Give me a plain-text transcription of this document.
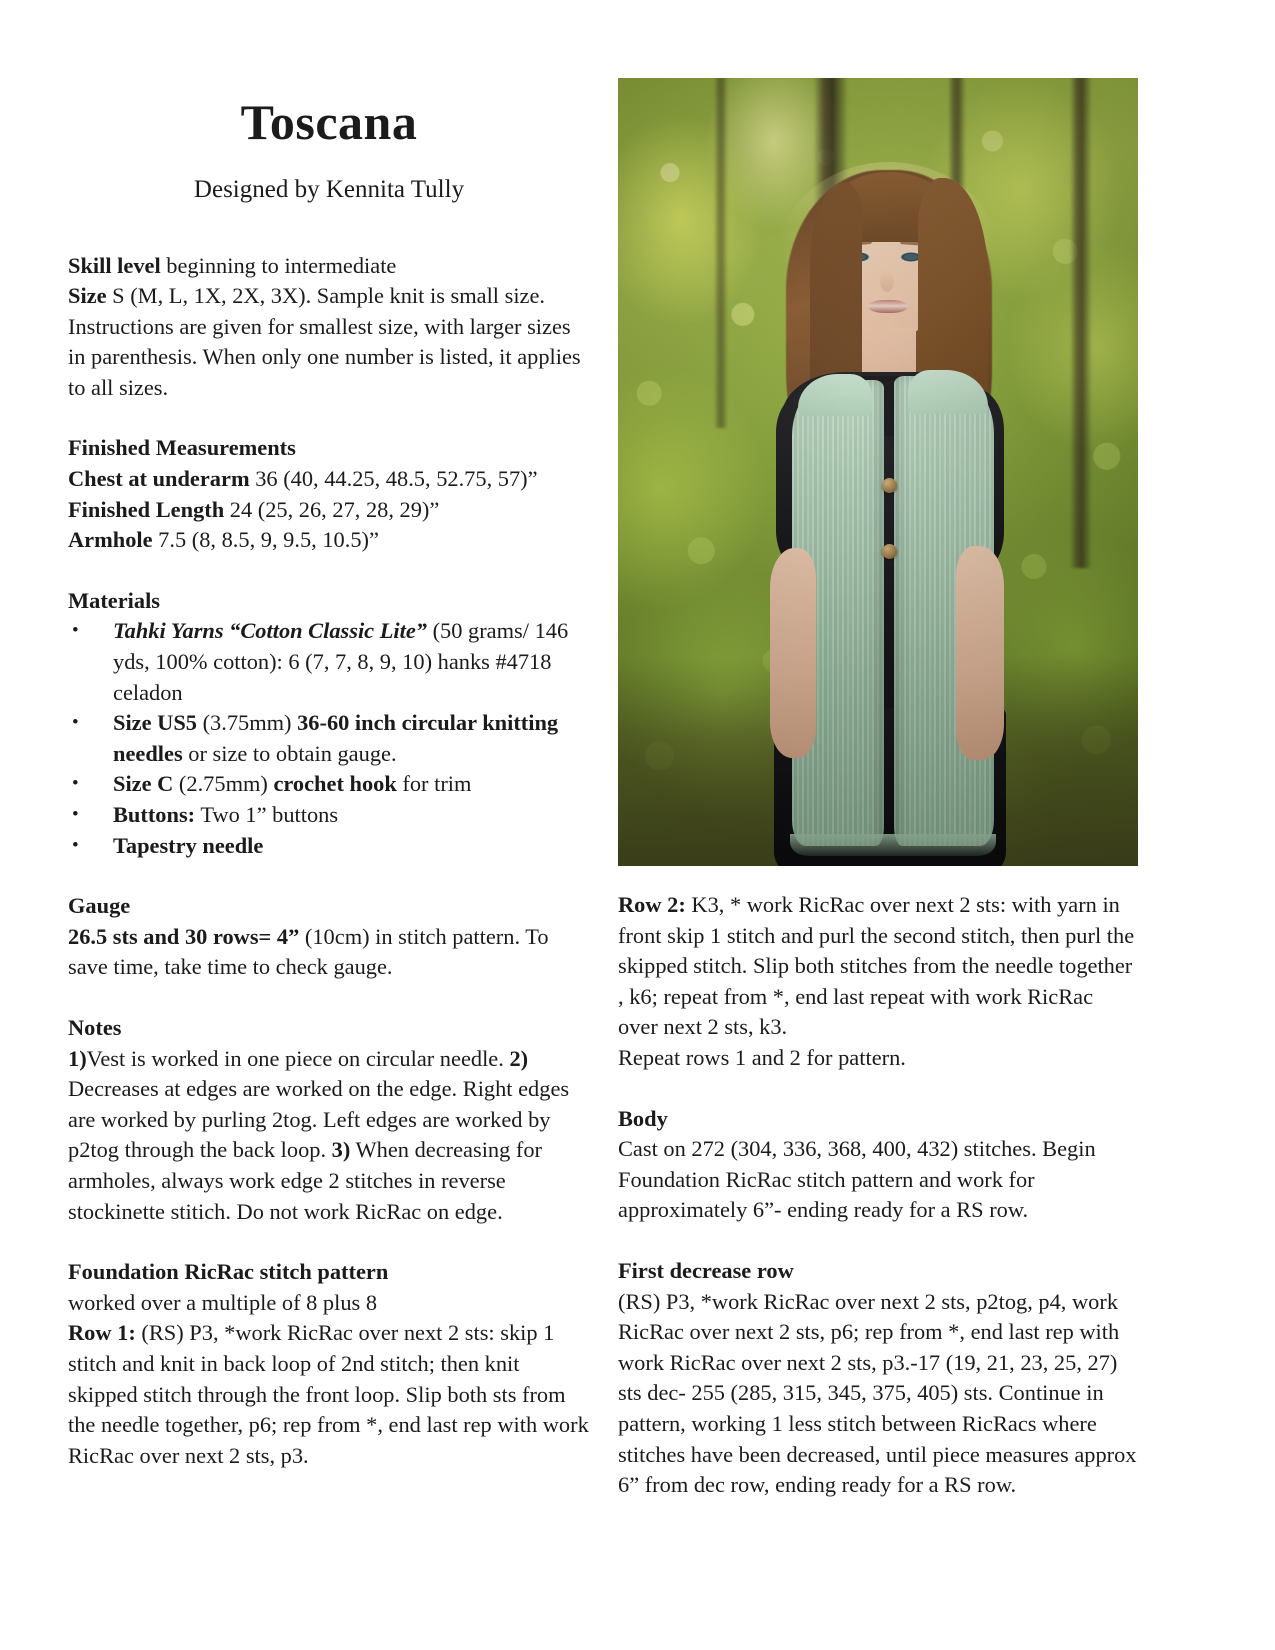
Toscana

Designed by Kennita Tully

Skill level beginning to intermediate
Size S (M, L, 1X, 2X, 3X). Sample knit is small size. Instructions are given for smallest size, with larger sizes in parenthesis. When only one number is listed, it applies to all sizes.

Finished Measurements

Chest at underarm 36 (40, 44.25, 48.5, 52.75, 57)”

Finished Length 24 (25, 26, 27, 28, 29)”

Armhole 7.5 (8, 8.5, 9, 9.5, 10.5)”

Materials
• Tahki Yarns “Cotton Classic Lite” (50 grams/ 146 yds, 100% cotton): 6 (7, 7, 8, 9, 10) hanks #4718 celadon
• Size US5 (3.75mm) 36-60 inch circular knitting needles or size to obtain gauge.
• Size C (2.75mm) crochet hook for trim
• Buttons: Two 1” buttons
• Tapestry needle
Gauge

26.5 sts and 30 rows= 4” (10cm) in stitch pattern. To save time, take time to check gauge.

Notes

1)Vest is worked in one piece on circular needle. 2) Decreases at edges are worked on the edge. Right edges are worked by purling 2tog. Left edges are worked by p2tog through the back loop. 3) When decreasing for armholes, always work edge 2 stitches in reverse stockinette stitich. Do not work RicRac on edge.

Foundation RicRac stitch pattern

worked over a multiple of 8 plus 8

Row 1: (RS) P3, *work RicRac over next 2 sts: skip 1 stitch and knit in back loop of 2nd stitch; then knit skipped stitch through the front loop. Slip both sts from the needle together, p6; rep from *, end last rep with work RicRac over next 2 sts, p3.

Row 2: K3, * work RicRac over next 2 sts: with yarn in front skip 1 stitch and purl the second stitch, then purl the skipped stitch. Slip both stitches from the needle together , k6; repeat from *, end last repeat with work RicRac over next 2 sts, k3.

Repeat rows 1 and 2 for pattern.

Body

Cast on 272 (304, 336, 368, 400, 432) stitches. Begin Foundation RicRac stitch pattern and work for approximately 6”- ending ready for a RS row.

First decrease row

(RS) P3, *work RicRac over next 2 sts, p2tog, p4, work RicRac over next 2 sts, p6; rep from *, end last rep with work RicRac over next 2 sts, p3.-17 (19, 21, 23, 25, 27) sts dec- 255 (285, 315, 345, 375, 405) sts. Continue in pattern, working 1 less stitch between RicRacs where stitches have been decreased, until piece measures approx 6” from dec row, ending ready for a RS row.
